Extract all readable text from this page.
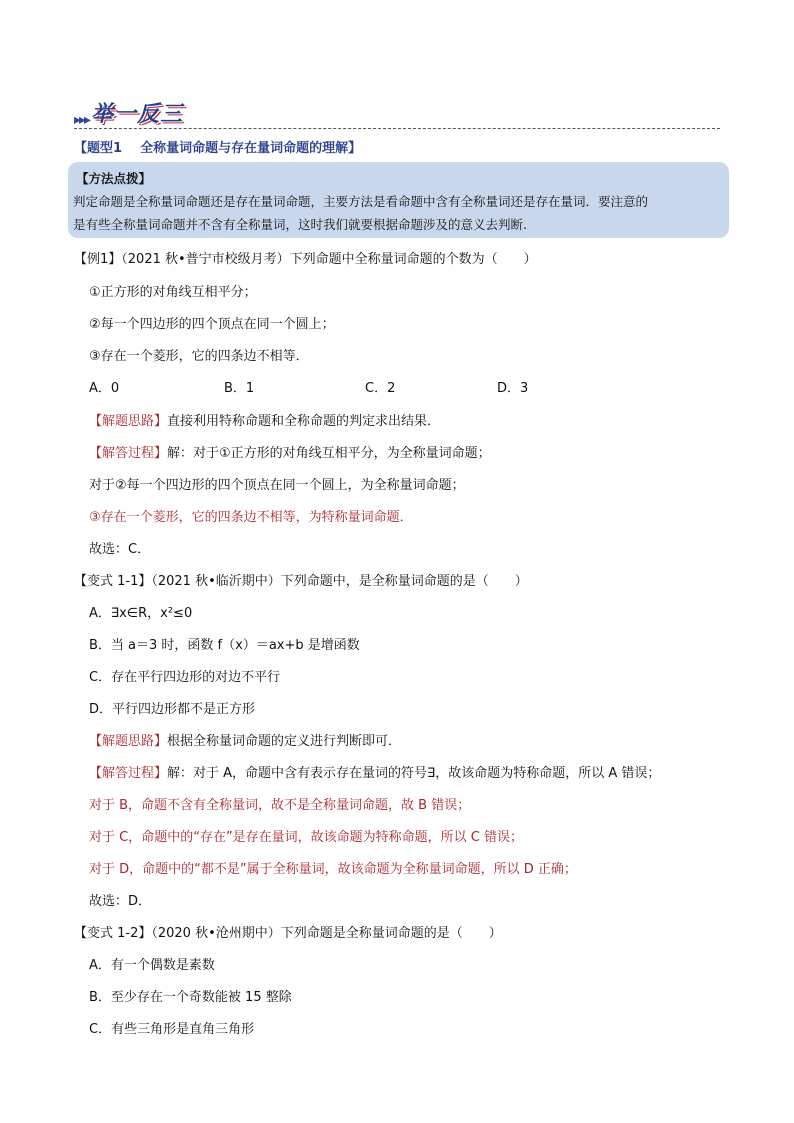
▸▸▸ 举一反三
【题型1 全称量词命题与存在量词命题的理解】
【方法点拨】
判定命题是全称量词命题还是存在量词命题，主要方法是看命题中含有全称量词还是存在量词．要注意的
是有些全称量词命题并不含有全称量词，这时我们就要根据命题涉及的意义去判断.
【例1】（2021 秋•普宁市校级月考）下列命题中全称量词命题的个数为（　　）
①正方形的对角线互相平分；
②每一个四边形的四个顶点在同一个圆上；
③存在一个菱形，它的四条边不相等．
A．0	B．1	C．2	D．3
【解题思路】直接利用特称命题和全称命题的判定求出结果．
【解答过程】解：对于①正方形的对角线互相平分，为全称量词命题；
对于②每一个四边形的四个顶点在同一个圆上，为全称量词命题；
③存在一个菱形，它的四条边不相等，为特称量词命题．
故选：C．
【变式 1-1】（2021 秋•临沂期中）下列命题中，是全称量词命题的是（　　）
A．∃x∈R，x²≤0
B．当 a＝3 时，函数 f（x）＝ax+b 是增函数
C．存在平行四边形的对边不平行
D．平行四边形都不是正方形
【解题思路】根据全称量词命题的定义进行判断即可．
【解答过程】解：对于 A，命题中含有表示存在量词的符号∃，故该命题为特称命题，所以 A 错误；
对于 B，命题不含有全称量词，故不是全称量词命题，故 B 错误；
对于 C，命题中的“存在”是存在量词，故该命题为特称命题，所以 C 错误；
对于 D，命题中的“都不是”属于全称量词，故该命题为全称量词命题，所以 D 正确；
故选：D．
【变式 1-2】（2020 秋•沧州期中）下列命题是全称量词命题的是（　　）
A．有一个偶数是素数
B．至少存在一个奇数能被 15 整除
C．有些三角形是直角三角形
